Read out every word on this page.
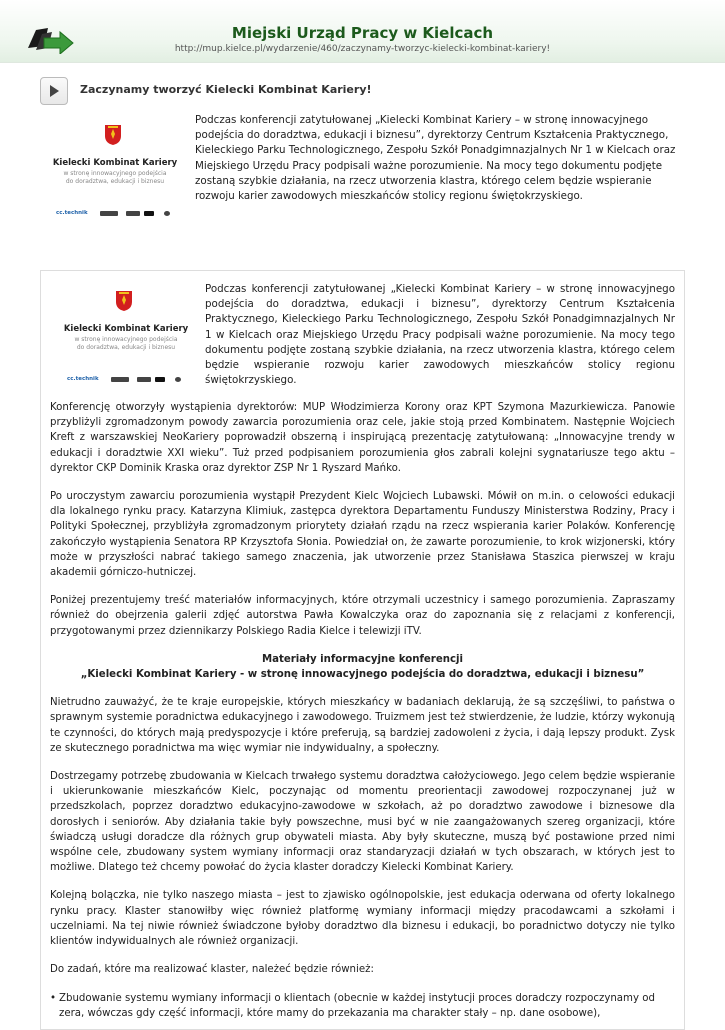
Miejski Urząd Pracy w Kielcach
http://mup.kielce.pl/wydarzenie/460/zaczynamy-tworzyc-kielecki-kombinat-kariery!
Zaczynamy tworzyć Kielecki Kombinat Kariery!
Kielecki Kombinat Kariery
w stronę innowacyjnego podejścia
do doradztwa, edukacji i biznesu
cc.technik

Podczas konferencji zatytułowanej „Kielecki Kombinat Kariery – w stronę innowacyjnego podejścia do doradztwa, edukacji i biznesu”, dyrektorzy Centrum Kształcenia Praktycznego, Kieleckiego Parku Technologicznego, Zespołu Szkół Ponadgimnazjalnych Nr 1 w Kielcach oraz Miejskiego Urzędu Pracy podpisali ważne porozumienie. Na mocy tego dokumentu podjęte zostaną szybkie działania, na rzecz utworzenia klastra, którego celem będzie wspieranie rozwoju karier zawodowych mieszkańców stolicy regionu świętokrzyskiego.

Kielecki Kombinat Kariery
w stronę innowacyjnego podejścia
do doradztwa, edukacji i biznesu
cc.technik

Podczas konferencji zatytułowanej „Kielecki Kombinat Kariery – w stronę innowacyjnego podejścia do doradztwa, edukacji i biznesu”, dyrektorzy Centrum Kształcenia Praktycznego, Kieleckiego Parku Technologicznego, Zespołu Szkół Ponadgimnazjalnych Nr 1 w Kielcach oraz Miejskiego Urzędu Pracy podpisali ważne porozumienie. Na mocy tego dokumentu podjęte zostaną szybkie działania, na rzecz utworzenia klastra, którego celem będzie wspieranie rozwoju karier zawodowych mieszkańców stolicy regionu świętokrzyskiego.

Konferencję otworzyły wystąpienia dyrektorów: MUP Włodzimierza Korony oraz KPT Szymona Mazurkiewicza. Panowie przybliżyli zgromadzonym powody zawarcia porozumienia oraz cele, jakie stoją przed Kombinatem. Następnie Wojciech Kreft z warszawskiej NeoKariery poprowadził obszerną i inspirującą prezentację zatytułowaną: „Innowacyjne trendy w edukacji i doradztwie XXI wieku”. Tuż przed podpisaniem porozumienia głos zabrali kolejni sygnatariusze tego aktu – dyrektor CKP Dominik Kraska oraz dyrektor ZSP Nr 1 Ryszard Mańko.

Po uroczystym zawarciu porozumienia wystąpił Prezydent Kielc Wojciech Lubawski. Mówił on m.in. o celowości edukacji dla lokalnego rynku pracy. Katarzyna Klimiuk, zastępca dyrektora Departamentu Funduszy Ministerstwa Rodziny, Pracy i Polityki Społecznej, przybliżyła zgromadzonym priorytety działań rządu na rzecz wspierania karier Polaków. Konferencję zakończyło wystąpienia Senatora RP Krzysztofa Słonia. Powiedział on, że zawarte porozumienie, to krok wizjonerski, który może w przyszłości nabrać takiego samego znaczenia, jak utworzenie przez Stanisława Staszica pierwszej w kraju akademii górniczo-hutniczej.

Poniżej prezentujemy treść materiałów informacyjnych, które otrzymali uczestnicy i samego porozumienia. Zapraszamy również do obejrzenia galerii zdjęć autorstwa Pawła Kowalczyka oraz do zapoznania się z relacjami z konferencji, przygotowanymi przez dziennikarzy Polskiego Radia Kielce i telewizji iTV.

Materiały informacyjne konferencji
„Kielecki Kombinat Kariery - w stronę innowacyjnego podejścia do doradztwa, edukacji i biznesu”

Nietrudno zauważyć, że te kraje europejskie, których mieszkańcy w badaniach deklarują, że są szczęśliwi, to państwa o sprawnym systemie poradnictwa edukacyjnego i zawodowego. Truizmem jest też stwierdzenie, że ludzie, którzy wykonują te czynności, do których mają predyspozycje i które preferują, są bardziej zadowoleni z życia, i dają lepszy produkt. Zysk ze skutecznego poradnictwa ma więc wymiar nie indywidualny, a społeczny.

Dostrzegamy potrzebę zbudowania w Kielcach trwałego systemu doradztwa całożyciowego. Jego celem będzie wspieranie i ukierunkowanie mieszkańców Kielc, poczynając od momentu preorientacji zawodowej rozpoczynanej już w przedszkolach, poprzez doradztwo edukacyjno-zawodowe w szkołach, aż po doradztwo zawodowe i biznesowe dla dorosłych i seniorów. Aby działania takie były powszechne, musi być w nie zaangażowanych szereg organizacji, które świadczą usługi doradcze dla różnych grup obywateli miasta. Aby były skuteczne, muszą być postawione przed nimi wspólne cele, zbudowany system wymiany informacji oraz standaryzacji działań w tych obszarach, w których jest to możliwe. Dlatego też chcemy powołać do życia klaster doradczy Kielecki Kombinat Kariery.

Kolejną bolączka, nie tylko naszego miasta – jest to zjawisko ogólnopolskie, jest edukacja oderwana od oferty lokalnego rynku pracy. Klaster stanowiłby więc również platformę wymiany informacji między pracodawcami a szkołami i uczelniami. Na tej niwie również świadczone byłoby doradztwo dla biznesu i edukacji, bo poradnictwo dotyczy nie tylko klientów indywidualnych ale również organizacji.

Do zadań, które ma realizować klaster, należeć będzie również:

• Zbudowanie systemu wymiany informacji o klientach (obecnie w każdej instytucji proces doradczy rozpoczynamy od zera, wówczas gdy część informacji, które mamy do przekazania ma charakter stały – np. dane osobowe),
